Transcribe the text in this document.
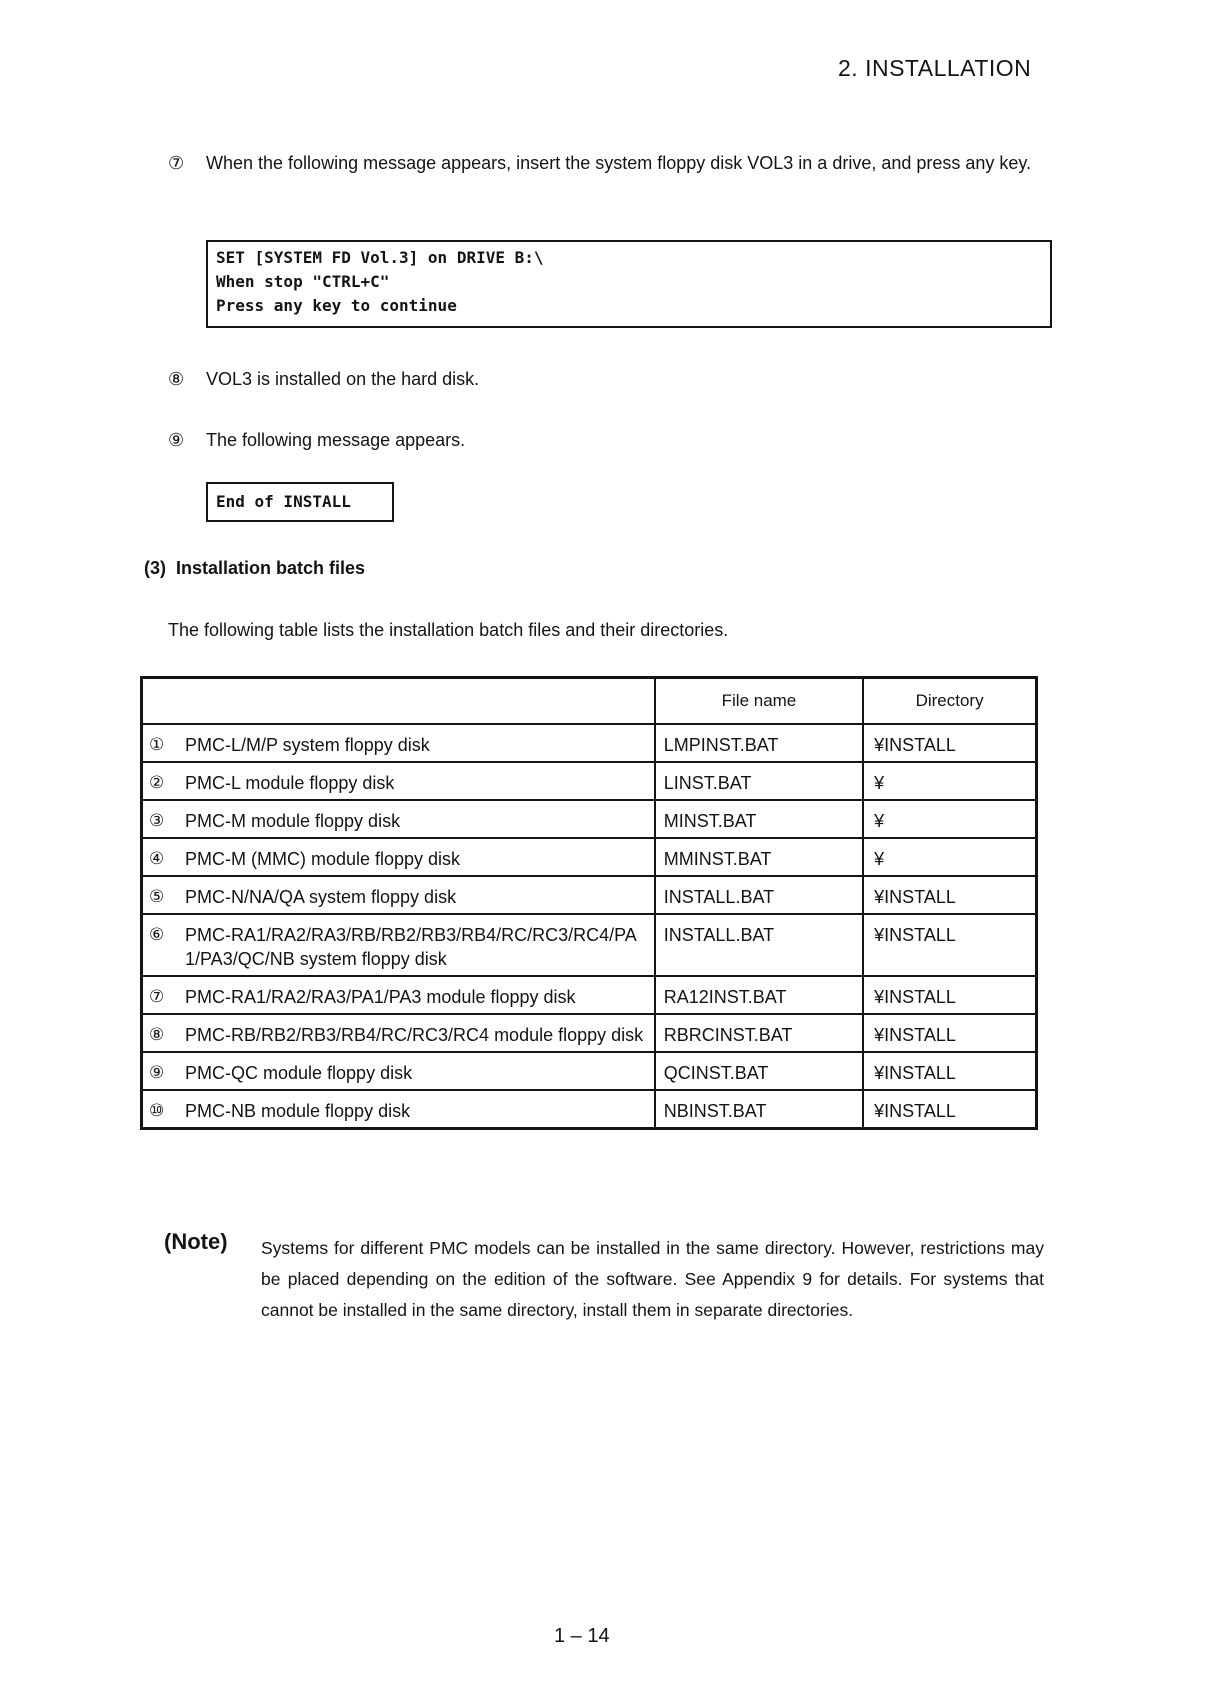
2. INSTALLATION
⑦	When the following message appears, insert the system floppy disk VOL3 in a drive, and press any key.
SET [SYSTEM FD Vol.3] on DRIVE B:\
When stop "CTRL+C"
Press any key to continue
⑧	VOL3 is installed on the hard disk.
⑨	The following message appears.
End of INSTALL
(3) Installation batch files
The following table lists the installation batch files and their directories.
	File name	Directory

① PMC-L/M/P system floppy disk	LMPINST.BAT	¥INSTALL

② PMC-L module floppy disk	LINST.BAT	¥

③ PMC-M module floppy disk	MINST.BAT	¥

④ PMC-M (MMC) module floppy disk	MMINST.BAT	¥

⑤ PMC-N/NA/QA system floppy disk	INSTALL.BAT	¥INSTALL

⑥ PMC-RA1/RA2/RA3/RB/RB2/RB3/RB4/RC/RC3/RC4/PA1/PA3/QC/NB system floppy disk	INSTALL.BAT	¥INSTALL

⑦ PMC-RA1/RA2/RA3/PA1/PA3 module floppy disk	RA12INST.BAT	¥INSTALL

⑧ PMC-RB/RB2/RB3/RB4/RC/RC3/RC4 module floppy disk	RBRCINST.BAT	¥INSTALL

⑨ PMC-QC module floppy disk	QCINST.BAT	¥INSTALL

⑩ PMC-NB module floppy disk	NBINST.BAT	¥INSTALL
(Note) Systems for different PMC models can be installed in the same directory. However, restrictions may be placed depending on the edition of the software. See Appendix 9 for details. For systems that cannot be installed in the same directory, install them in separate directories.
1 – 14
